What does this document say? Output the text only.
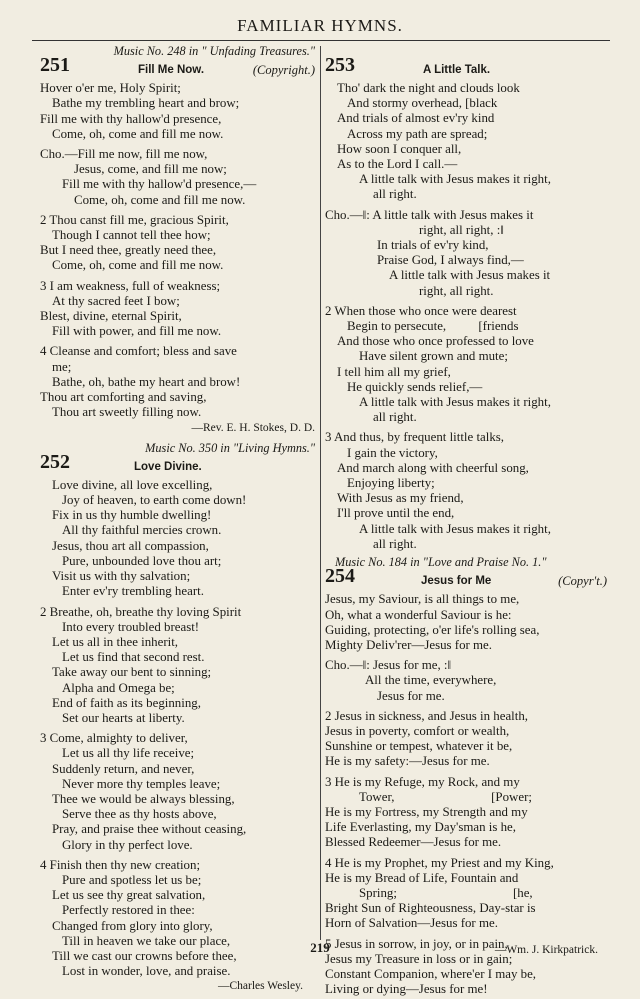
FAMILIAR HYMNS.
Music No. 248 in " Unfading Treasures."
251	Fill Me Now.	(Copyright.)
Hover o'er me, Holy Spirit;
Bathe my trembling heart and brow;
Fill me with thy hallow'd presence,
Come, oh, come and fill me now.
Cho.—Fill me now, fill me now,
Jesus, come, and fill me now;
Fill me with thy hallow'd presence,—
Come, oh, come and fill me now.
2 Thou canst fill me, gracious Spirit,
Though I cannot tell thee how;
But I need thee, greatly need thee,
Come, oh, come and fill me now.
3 I am weakness, full of weakness;
At thy sacred feet I bow;
Blest, divine, eternal Spirit,
Fill with power, and fill me now.
4 Cleanse and comfort; bless and save
me;
Bathe, oh, bathe my heart and brow!
Thou art comforting and saving,
Thou art sweetly filling now.
—Rev. E. H. Stokes, D. D.
Music No. 350 in "Living Hymns."
252	Love Divine.
Love divine, all love excelling,
Joy of heaven, to earth come down!
Fix in us thy humble dwelling!
All thy faithful mercies crown.
Jesus, thou art all compassion,
Pure, unbounded love thou art;
Visit us with thy salvation;
Enter ev'ry trembling heart.
2 Breathe, oh, breathe thy loving Spirit
Into every troubled breast!
Let us all in thee inherit,
Let us find that second rest.
Take away our bent to sinning;
Alpha and Omega be;
End of faith as its beginning,
Set our hearts at liberty.
3 Come, almighty to deliver,
Let us all thy life receive;
Suddenly return, and never,
Never more thy temples leave;
Thee we would be always blessing,
Serve thee as thy hosts above,
Pray, and praise thee without ceasing,
Glory in thy perfect love.
4 Finish then thy new creation;
Pure and spotless let us be;
Let us see thy great salvation,
Perfectly restored in thee:
Changed from glory into glory,
Till in heaven we take our place,
Till we cast our crowns before thee,
Lost in wonder, love, and praise.
—Charles Wesley.
253	A Little Talk.
Tho' dark the night and clouds look
And stormy overhead, [black
And trials of almost ev'ry kind
Across my path are spread;
How soon I conquer all,
As to the Lord I call.—
A little talk with Jesus makes it right,
all right.
Cho.—‖: A little talk with Jesus makes it
right, all right, :‖
In trials of ev'ry kind,
Praise God, I always find,—
A little talk with Jesus makes it
right, all right.
2 When those who once were dearest
Begin to persecute,          [friends
And those who once professed to love
Have silent grown and mute;
I tell him all my grief,
He quickly sends relief,—
A little talk with Jesus makes it right,
all right.
3 And thus, by frequent little talks,
I gain the victory,
And march along with cheerful song,
Enjoying liberty;
With Jesus as my friend,
I'll prove until the end,
A little talk with Jesus makes it right,
all right.
Music No. 184 in "Love and Praise No. 1."
254	Jesus for Me	(Copyr't.)
Jesus, my Saviour, is all things to me,
Oh, what a wonderful Saviour is he:
Guiding, protecting, o'er life's rolling sea,
Mighty Deliv'rer—Jesus for me.
Cho.—‖: Jesus for me, :‖
All the time, everywhere,
Jesus for me.
2 Jesus in sickness, and Jesus in health,
Jesus in poverty, comfort or wealth,
Sunshine or tempest, whatever it be,
He is my safety:—Jesus for me.
3 He is my Refuge, my Rock, and my
Tower,                              [Power;
He is my Fortress, my Strength and my
Life Everlasting, my Day'sman is he,
Blessed Redeemer—Jesus for me.
4 He is my Prophet, my Priest and my King,
He is my Bread of Life, Fountain and
Spring;                                    [he,
Bright Sun of Righteousness, Day-star is
Horn of Salvation—Jesus for me.
5 Jesus in sorrow, in joy, or in pain,
Jesus my Treasure in loss or in gain;
Constant Companion, where'er I may be,
Living or dying—Jesus for me!
219	—Wm. J. Kirkpatrick.
